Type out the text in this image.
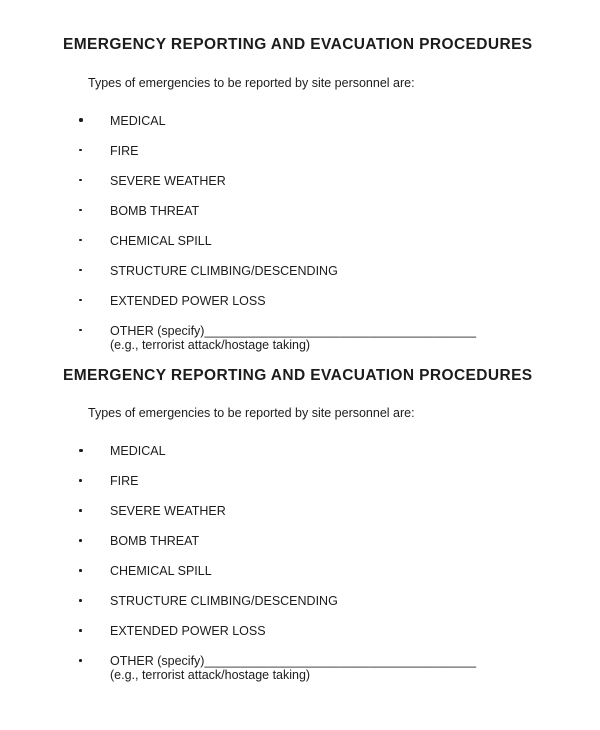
EMERGENCY REPORTING AND EVACUATION PROCEDURES

Types of emergencies to be reported by site personnel are:

MEDICAL
FIRE
SEVERE WEATHER
BOMB THREAT
CHEMICAL SPILL
STRUCTURE CLIMBING/DESCENDING
EXTENDED POWER LOSS
OTHER (specify)______________________________________
(e.g., terrorist attack/hostage taking)
EMERGENCY REPORTING AND EVACUATION PROCEDURES

Types of emergencies to be reported by site personnel are:

MEDICAL
FIRE
SEVERE WEATHER
BOMB THREAT
CHEMICAL SPILL
STRUCTURE CLIMBING/DESCENDING
EXTENDED POWER LOSS
OTHER (specify)______________________________________
(e.g., terrorist attack/hostage taking)
